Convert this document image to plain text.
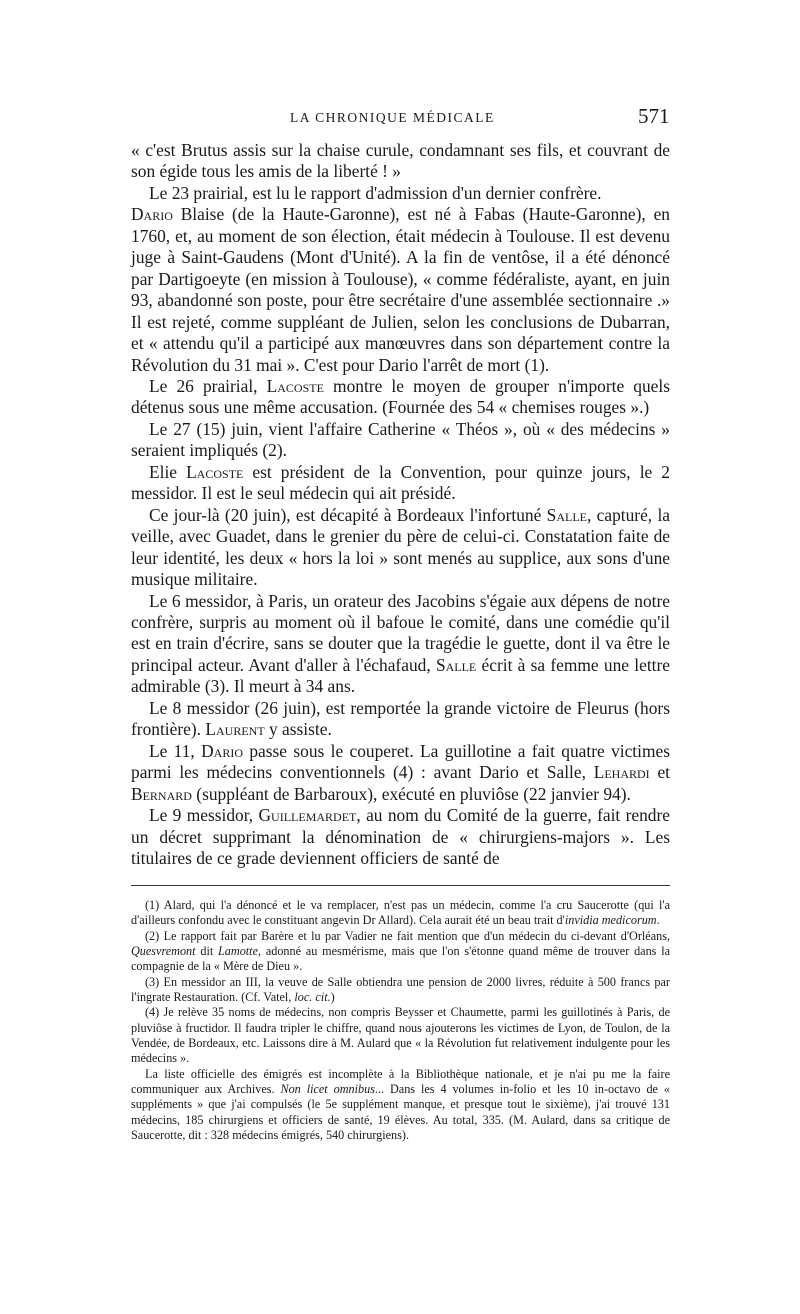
LA CHRONIQUE MÉDICALE	571

« c'est Brutus assis sur la chaise curule, condamnant ses fils, et couvrant de son égide tous les amis de la liberté ! »

Le 23 prairial, est lu le rapport d'admission d'un dernier confrère.

Dario Blaise (de la Haute-Garonne), est né à Fabas (Haute-Garonne), en 1760, et, au moment de son élection, était médecin à Toulouse. Il est devenu juge à Saint-Gaudens (Mont d'Unité). A la fin de ventôse, il a été dénoncé par Dartigoeyte (en mission à Toulouse), « comme fédéraliste, ayant, en juin 93, abandonné son poste, pour être secrétaire d'une assemblée sectionnaire .» Il est rejeté, comme suppléant de Julien, selon les conclusions de Dubarran, et « attendu qu'il a participé aux manœuvres dans son département contre la Révolution du 31 mai ». C'est pour Dario l'arrêt de mort (1).

Le 26 prairial, Lacoste montre le moyen de grouper n'importe quels détenus sous une même accusation. (Fournée des 54 « chemises rouges ».)

Le 27 (15) juin, vient l'affaire Catherine « Théos », où « des médecins » seraient impliqués (2).

Elie Lacoste est président de la Convention, pour quinze jours, le 2 messidor. Il est le seul médecin qui ait présidé.

Ce jour-là (20 juin), est décapité à Bordeaux l'infortuné Salle, capturé, la veille, avec Guadet, dans le grenier du père de celui-ci. Constatation faite de leur identité, les deux « hors la loi » sont menés au supplice, aux sons d'une musique militaire.

Le 6 messidor, à Paris, un orateur des Jacobins s'égaie aux dépens de notre confrère, surpris au moment où il bafoue le comité, dans une comédie qu'il est en train d'écrire, sans se douter que la tragédie le guette, dont il va être le principal acteur. Avant d'aller à l'échafaud, Salle écrit à sa femme une lettre admirable (3). Il meurt à 34 ans.

Le 8 messidor (26 juin), est remportée la grande victoire de Fleurus (hors frontière). Laurent y assiste.

Le 11, Dario passe sous le couperet. La guillotine a fait quatre victimes parmi les médecins conventionnels (4) : avant Dario et Salle, Lehardi et Bernard (suppléant de Barbaroux), exécuté en pluviôse (22 janvier 94).

Le 9 messidor, Guillemardet, au nom du Comité de la guerre, fait rendre un décret supprimant la dénomination de « chirurgiens-majors ». Les titulaires de ce grade deviennent officiers de santé de

(1) Alard, qui l'a dénoncé et le va remplacer, n'est pas un médecin, comme l'a cru Saucerotte (qui l'a d'ailleurs confondu avec le constituant angevin Dr Allard). Cela aurait été un beau trait d'invidia medicorum.

(2) Le rapport fait par Barère et lu par Vadier ne fait mention que d'un médecin du ci-devant d'Orléans, Quesvremont dit Lamotte, adonné au mesmérisme, mais que l'on s'étonne quand même de trouver dans la compagnie de la « Mère de Dieu ».

(3) En messidor an III, la veuve de Salle obtiendra une pension de 2000 livres, réduite à 500 francs par l'ingrate Restauration. (Cf. Vatel, loc. cit.)

(4) Je relève 35 noms de médecins, non compris Beysser et Chaumette, parmi les guillotinés à Paris, de pluviôse à fructidor. Il faudra tripler le chiffre, quand nous ajouterons les victimes de Lyon, de Toulon, de la Vendée, de Bordeaux, etc. Laissons dire à M. Aulard que « la Révolution fut relativement indulgente pour les médecins ».

La liste officielle des émigrés est incomplète à la Bibliothèque nationale, et je n'ai pu me la faire communiquer aux Archives. Non licet omnibus... Dans les 4 volumes in-folio et les 10 in-octavo de « suppléments » que j'ai compulsés (le 5e supplément manque, et presque tout le sixième), j'ai trouvé 131 médecins, 185 chirurgiens et officiers de santé, 19 élèves. Au total, 335. (M. Aulard, dans sa critique de Saucerotte, dit : 328 médecins émigrés, 540 chirurgiens).
